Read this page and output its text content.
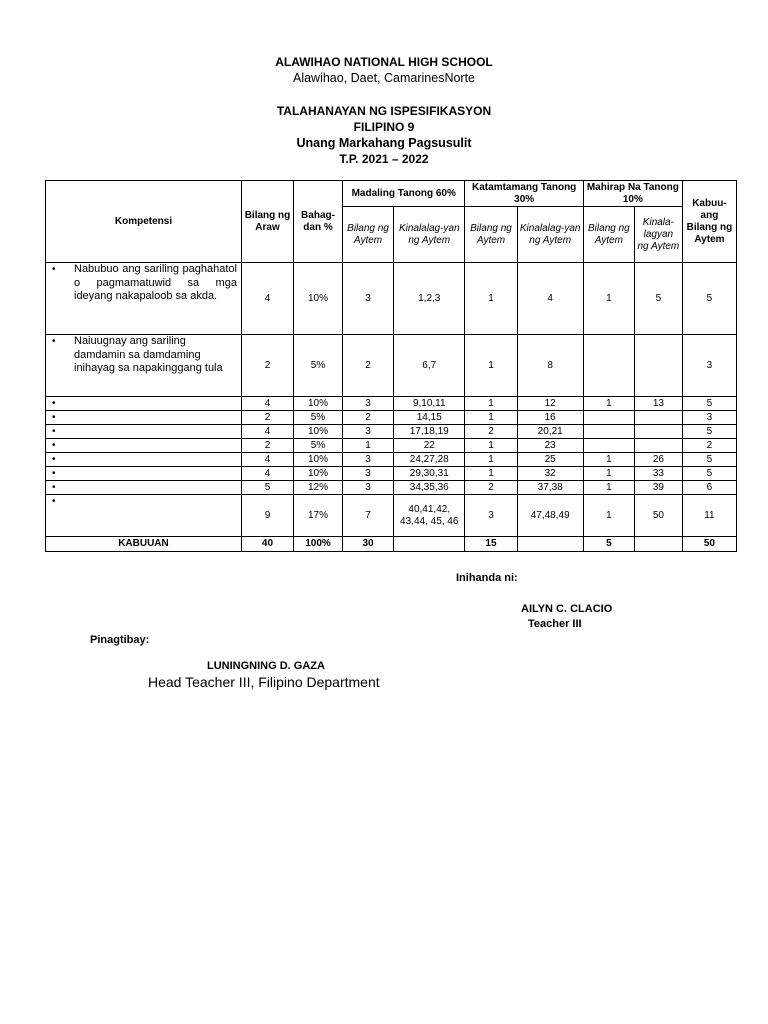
ALAWIHAO NATIONAL HIGH SCHOOL
Alawihao, Daet, CamarinesNorte
TALAHANAYAN NG ISPESIFIKASYON
FILIPINO 9
Unang Markahang Pagsusulit
T.P. 2021 – 2022
Kompetensi	Bilang ng Araw	Bahag-dan %	Madaling Tanong 60%		Katamtamang Tanong 30%		Mahirap Na Tanong 10%		Kabuu-ang Bilang ng Aytem
			Bilang ng Aytem	Kinalalag-yan ng Aytem	Bilang ng Aytem	Kinalalag-yan ng Aytem	Bilang ng Aytem	Kinala-lagyan ng Aytem	

• Nabubuo ang sariling paghahatol o pagmamatuwid sa mga ideyang nakapaloob sa akda.	4	10%	3	1,2,3	1	4	1	5	5

• Naiuugnay ang sariling damdamin sa damdaming inihayag sa napakinggang tula	2	5%	2	6,7	1	8			3

•	4	10%	3	9,10,11	1	12	1	13	5

•	2	5%	2	14,15	1	16			3

•	4	10%	3	17,18,19	2	20,21			5

•	2	5%	1	22	1	23			2

•	4	10%	3	24,27,28	1	25	1	26	5

•	4	10%	3	29,30,31	1	32	1	33	5

•	5	12%	3	34,35,36	2	37,38	1	39	6

•	9	17%	7	40,41,42, 43,44, 45, 46	3	47,48,49	1	50	11
KABUUAN	40	100%	30		15		5		50
Inihanda ni:
AILYN C. CLACIO
Teacher III
Pinagtibay:
LUNINGNING D. GAZA
Head Teacher III, Filipino Department
